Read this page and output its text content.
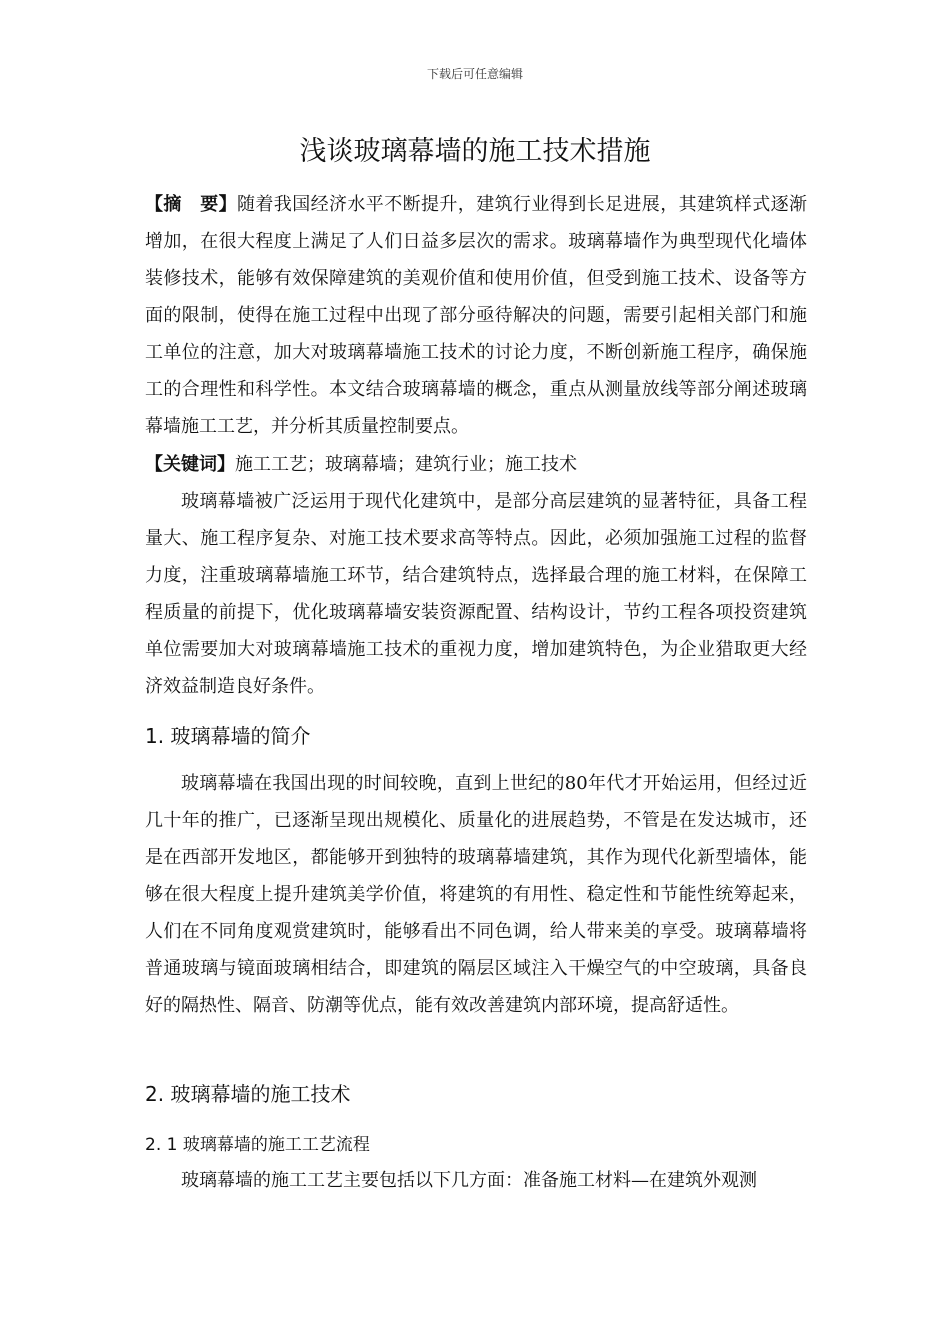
下载后可任意编辑
浅谈玻璃幕墙的施工技术措施

【摘　要】随着我国经济水平不断提升，建筑行业得到长足进展，其建筑样式逐渐增加，在很大程度上满足了人们日益多层次的需求。玻璃幕墙作为典型现代化墙体装修技术，能够有效保障建筑的美观价值和使用价值，但受到施工技术、设备等方面的限制，使得在施工过程中出现了部分亟待解决的问题，需要引起相关部门和施工单位的注意，加大对玻璃幕墙施工技术的讨论力度，不断创新施工程序，确保施工的合理性和科学性。本文结合玻璃幕墙的概念，重点从测量放线等部分阐述玻璃幕墙施工工艺，并分析其质量控制要点。

【关键词】施工工艺；玻璃幕墙；建筑行业；施工技术

玻璃幕墙被广泛运用于现代化建筑中，是部分高层建筑的显著特征，具备工程量大、施工程序复杂、对施工技术要求高等特点。因此，必须加强施工过程的监督力度，注重玻璃幕墙施工环节，结合建筑特点，选择最合理的施工材料，在保障工程质量的前提下，优化玻璃幕墙安装资源配置、结构设计，节约工程各项投资建筑单位需要加大对玻璃幕墙施工技术的重视力度，增加建筑特色，为企业猎取更大经济效益制造良好条件。

1. 玻璃幕墙的简介

玻璃幕墙在我国出现的时间较晚，直到上世纪的80年代才开始运用，但经过近几十年的推广，已逐渐呈现出规模化、质量化的进展趋势，不管是在发达城市，还是在西部开发地区，都能够开到独特的玻璃幕墙建筑，其作为现代化新型墙体，能够在很大程度上提升建筑美学价值，将建筑的有用性、稳定性和节能性统筹起来，人们在不同角度观赏建筑时，能够看出不同色调，给人带来美的享受。玻璃幕墙将普通玻璃与镜面玻璃相结合，即建筑的隔层区域注入干燥空气的中空玻璃，具备良好的隔热性、隔音、防潮等优点，能有效改善建筑内部环境，提高舒适性。

2. 玻璃幕墙的施工技术
2. 1 玻璃幕墙的施工工艺流程

玻璃幕墙的施工工艺主要包括以下几方面：准备施工材料—在建筑外观测
